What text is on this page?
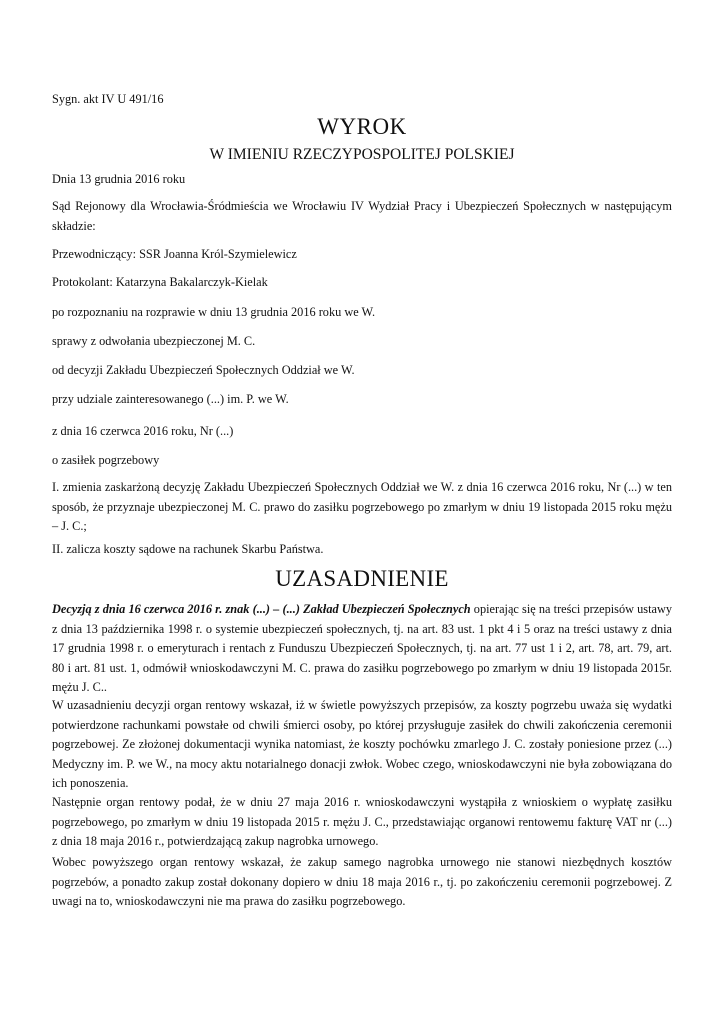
Sygn. akt IV U 491/16

WYROK
W IMIENIU RZECZYPOSPOLITEJ POLSKIEJ

Dnia 13 grudnia 2016 roku

Sąd Rejonowy dla Wrocławia-Śródmieścia we Wrocławiu IV Wydział Pracy i Ubezpieczeń Społecznych w następującym składzie:

Przewodniczący: SSR Joanna Król-Szymielewicz

Protokolant: Katarzyna Bakalarczyk-Kielak

po rozpoznaniu na rozprawie w dniu 13 grudnia 2016 roku we W.

sprawy z odwołania ubezpieczonej M. C.

od decyzji Zakładu Ubezpieczeń Społecznych Oddział we W.

przy udziale zainteresowanego (...) im. P. we W.

z dnia 16 czerwca 2016 roku, Nr (...)

o zasiłek pogrzebowy

I. zmienia zaskarżoną decyzję Zakładu Ubezpieczeń Społecznych Oddział we W. z dnia 16 czerwca 2016 roku, Nr (...) w ten sposób, że przyznaje ubezpieczonej M. C. prawo do zasiłku pogrzebowego po zmarłym w dniu 19 listopada 2015 roku mężu – J. C.;

II. zalicza koszty sądowe na rachunek Skarbu Państwa.

UZASADNIENIE

Decyzją z dnia 16 czerwca 2016 r. znak (...) – (...) Zakład Ubezpieczeń Społecznych opierając się na treści przepisów ustawy z dnia 13 października 1998 r. o systemie ubezpieczeń społecznych, tj. na art. 83 ust. 1 pkt 4 i 5 oraz na treści ustawy z dnia 17 grudnia 1998 r. o emeryturach i rentach z Funduszu Ubezpieczeń Społecznych, tj. na art. 77 ust 1 i 2, art. 78, art. 79, art. 80 i art. 81 ust. 1, odmówił wnioskodawczyni M. C. prawa do zasiłku pogrzebowego po zmarłym w dniu 19 listopada 2015r. mężu J. C..

W uzasadnieniu decyzji organ rentowy wskazał, iż w świetle powyższych przepisów, za koszty pogrzebu uważa się wydatki potwierdzone rachunkami powstałe od chwili śmierci osoby, po której przysługuje zasiłek do chwili zakończenia ceremonii pogrzebowej. Ze złożonej dokumentacji wynika natomiast, że koszty pochówku zmarlego J. C. zostały poniesione przez (...) Medyczny im. P. we W., na mocy aktu notarialnego donacji zwłok. Wobec czego, wnioskodawczyni nie była zobowiązana do ich ponoszenia.

Następnie organ rentowy podał, że w dniu 27 maja 2016 r. wnioskodawczyni wystąpiła z wnioskiem o wypłatę zasiłku pogrzebowego, po zmarłym w dniu 19 listopada 2015 r. mężu J. C., przedstawiając organowi rentowemu fakturę VAT nr (...) z dnia 18 maja 2016 r., potwierdzającą zakup nagrobka urnowego.

Wobec powyższego organ rentowy wskazał, że zakup samego nagrobka urnowego nie stanowi niezbędnych kosztów pogrzebów, a ponadto zakup został dokonany dopiero w dniu 18 maja 2016 r., tj. po zakończeniu ceremonii pogrzebowej. Z uwagi na to, wnioskodawczyni nie ma prawa do zasiłku pogrzebowego.
